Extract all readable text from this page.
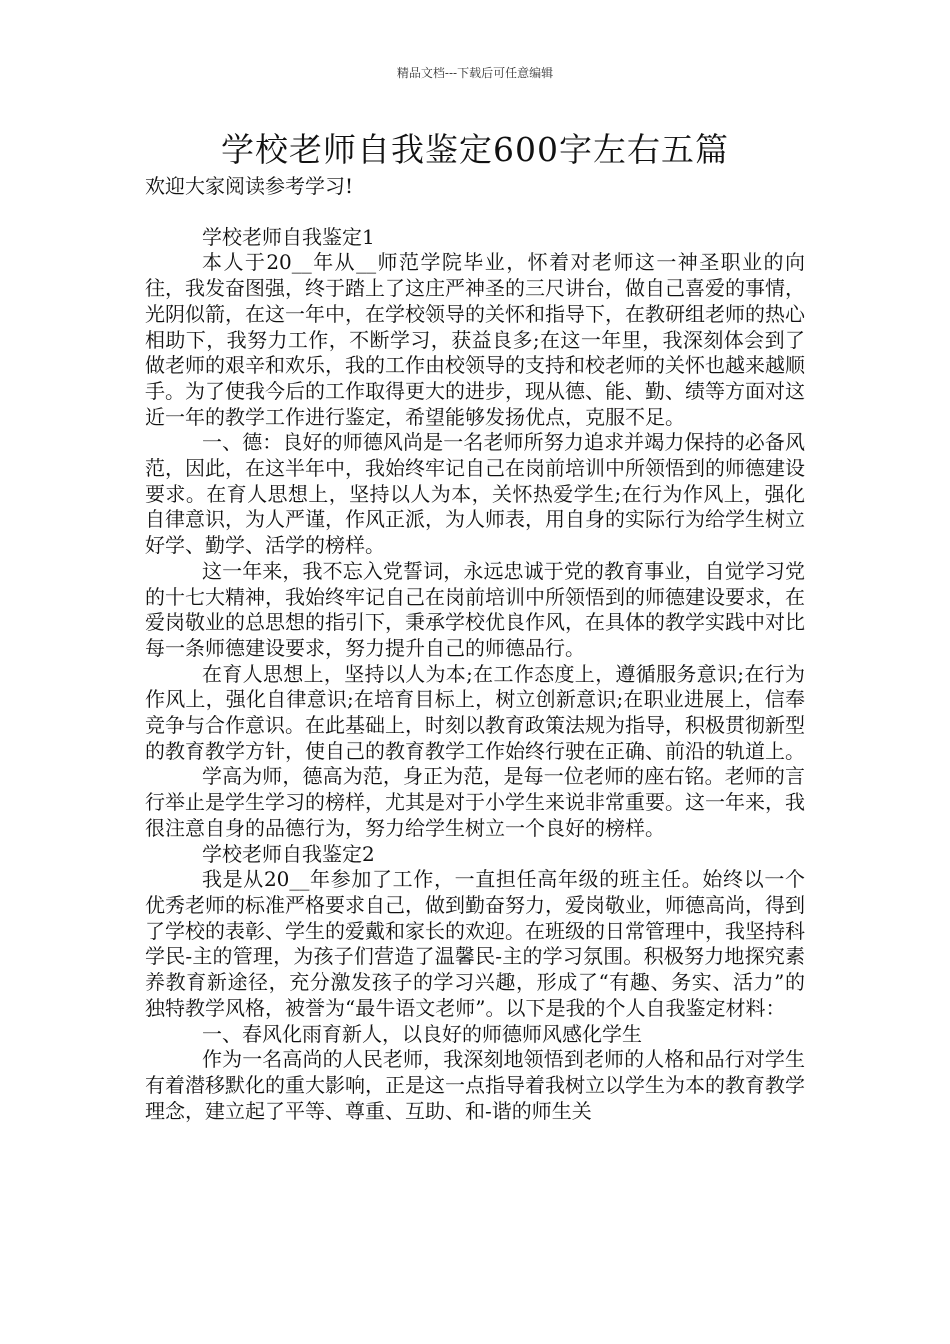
精品文档---下载后可任意编辑
学校老师自我鉴定600字左右五篇

欢迎大家阅读参考学习!

学校老师自我鉴定1

本人于20__年从__师范学院毕业，怀着对老师这一神圣职业的向往，我发奋图强，终于踏上了这庄严神圣的三尺讲台，做自己喜爱的事情，光阴似箭，在这一年中，在学校领导的关怀和指导下，在教研组老师的热心相助下，我努力工作，不断学习，获益良多;在这一年里，我深刻体会到了做老师的艰辛和欢乐，我的工作由校领导的支持和校老师的关怀也越来越顺手。为了使我今后的工作取得更大的进步，现从德、能、勤、绩等方面对这近一年的教学工作进行鉴定，希望能够发扬优点，克服不足。

一、德：良好的师德风尚是一名老师所努力追求并竭力保持的必备风范，因此，在这半年中，我始终牢记自己在岗前培训中所领悟到的师德建设要求。在育人思想上，坚持以人为本，关怀热爱学生;在行为作风上，强化自律意识，为人严谨，作风正派，为人师表，用自身的实际行为给学生树立好学、勤学、活学的榜样。

这一年来，我不忘入党誓词，永远忠诚于党的教育事业，自觉学习党的十七大精神，我始终牢记自己在岗前培训中所领悟到的师德建设要求，在爱岗敬业的总思想的指引下，秉承学校优良作风，在具体的教学实践中对比每一条师德建设要求，努力提升自己的师德品行。

在育人思想上，坚持以人为本;在工作态度上，遵循服务意识;在行为作风上，强化自律意识;在培育目标上，树立创新意识;在职业进展上，信奉竞争与合作意识。在此基础上，时刻以教育政策法规为指导，积极贯彻新型的教育教学方针，使自己的教育教学工作始终行驶在正确、前沿的轨道上。

学高为师，德高为范，身正为范，是每一位老师的座右铭。老师的言行举止是学生学习的榜样，尤其是对于小学生来说非常重要。这一年来，我很注意自身的品德行为，努力给学生树立一个良好的榜样。

学校老师自我鉴定2

我是从20__年参加了工作，一直担任高年级的班主任。始终以一个优秀老师的标准严格要求自己，做到勤奋努力，爱岗敬业，师德高尚，得到了学校的表彰、学生的爱戴和家长的欢迎。在班级的日常管理中，我坚持科学民-主的管理，为孩子们营造了温馨民-主的学习氛围。积极努力地探究素养教育新途径，充分激发孩子的学习兴趣，形成了“有趣、务实、活力”的独特教学风格，被誉为“最牛语文老师”。以下是我的个人自我鉴定材料：

一、春风化雨育新人，以良好的师德师风感化学生

作为一名高尚的人民老师，我深刻地领悟到老师的人格和品行对学生有着潜移默化的重大影响，正是这一点指导着我树立以学生为本的教育教学理念，建立起了平等、尊重、互助、和-谐的师生关
